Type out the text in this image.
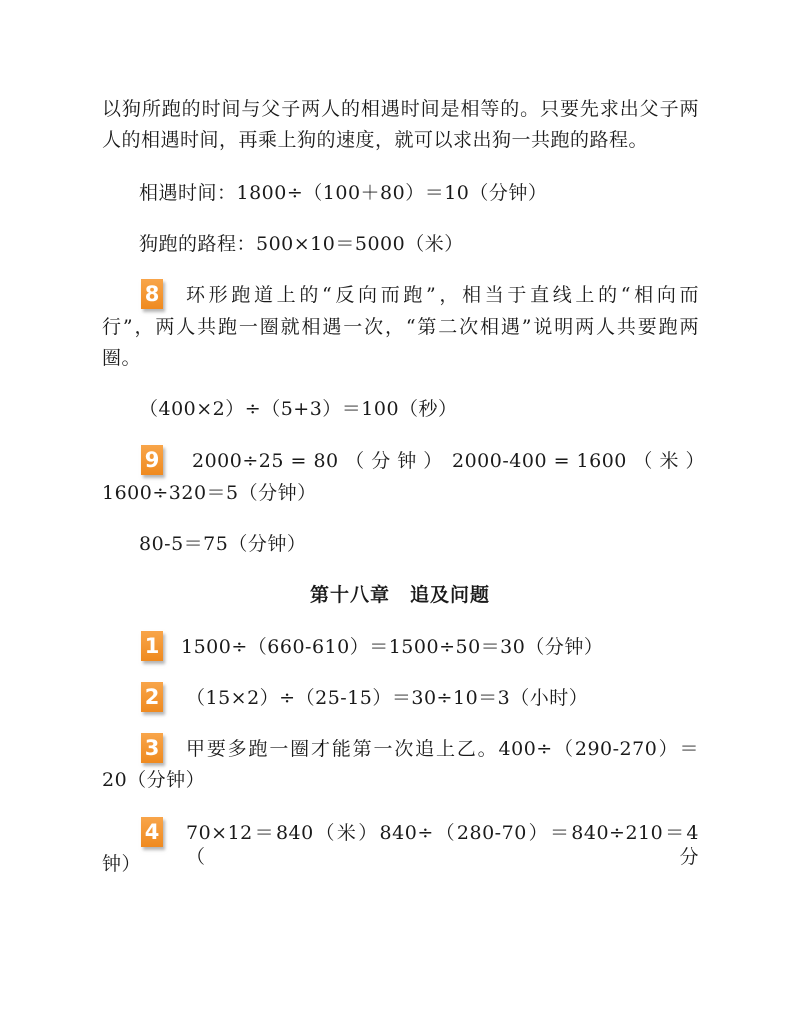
以狗所跑的时间与父子两人的相遇时间是相等的。只要先求出父子两
人的相遇时间，再乘上狗的速度，就可以求出狗一共跑的路程。
相遇时间：1800÷（100＋80）＝10（分钟）
狗跑的路程：500×10＝5000（米）
8 环形跑道上的“反向而跑”，相当于直线上的“相向而
行”，两人共跑一圈就相遇一次，“第二次相遇”说明两人共要跑两
圈。
（400×2）÷（5+3）＝100（秒）
9 2000÷25 = 80 （ 分 钟 ） 2000-400 = 1600 （ 米 ）
1600÷320＝5（分钟）
80-5＝75（分钟）
第十八章　追及问题
1 1500÷（660-610）＝1500÷50＝30（分钟）
2 （15×2）÷（25-15）＝30÷10＝3（小时）
3 甲要多跑一圈才能第一次追上乙。400÷（290-270）＝
20（分钟）
4 70×12＝840（米）840÷（280-70）＝840÷210＝4（分
钟）
